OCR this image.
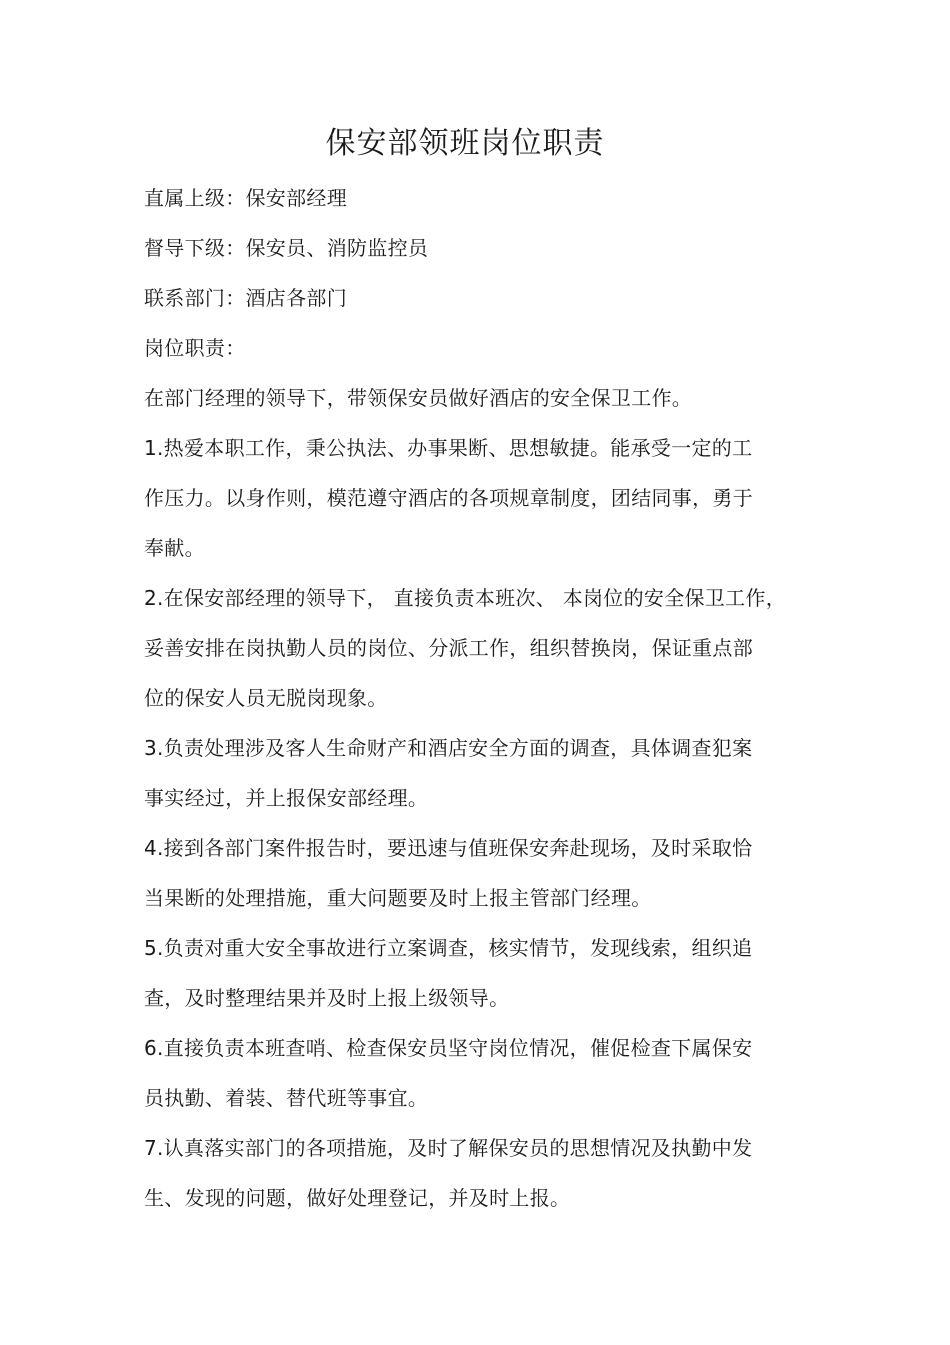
保安部领班岗位职责
直属上级：保安部经理
督导下级：保安员、消防监控员
联系部门：酒店各部门
岗位职责：
在部门经理的领导下，带领保安员做好酒店的安全保卫工作。
1.热爱本职工作，秉公执法、办事果断、思想敏捷。能承受一定的工
作压力。以身作则，模范遵守酒店的各项规章制度，团结同事，勇于
奉献。
2.在保安部经理的领导下， 直接负责本班次、 本岗位的安全保卫工作，
妥善安排在岗执勤人员的岗位、分派工作，组织替换岗，保证重点部
位的保安人员无脱岗现象。
3.负责处理涉及客人生命财产和酒店安全方面的调查，具体调查犯案
事实经过，并上报保安部经理。
4.接到各部门案件报告时，要迅速与值班保安奔赴现场，及时采取恰
当果断的处理措施，重大问题要及时上报主管部门经理。
5.负责对重大安全事故进行立案调查，核实情节，发现线索，组织追
查，及时整理结果并及时上报上级领导。
6.直接负责本班查哨、检查保安员坚守岗位情况，催促检查下属保安
员执勤、着装、替代班等事宜。
7.认真落实部门的各项措施，及时了解保安员的思想情况及执勤中发
生、发现的问题，做好处理登记，并及时上报。
